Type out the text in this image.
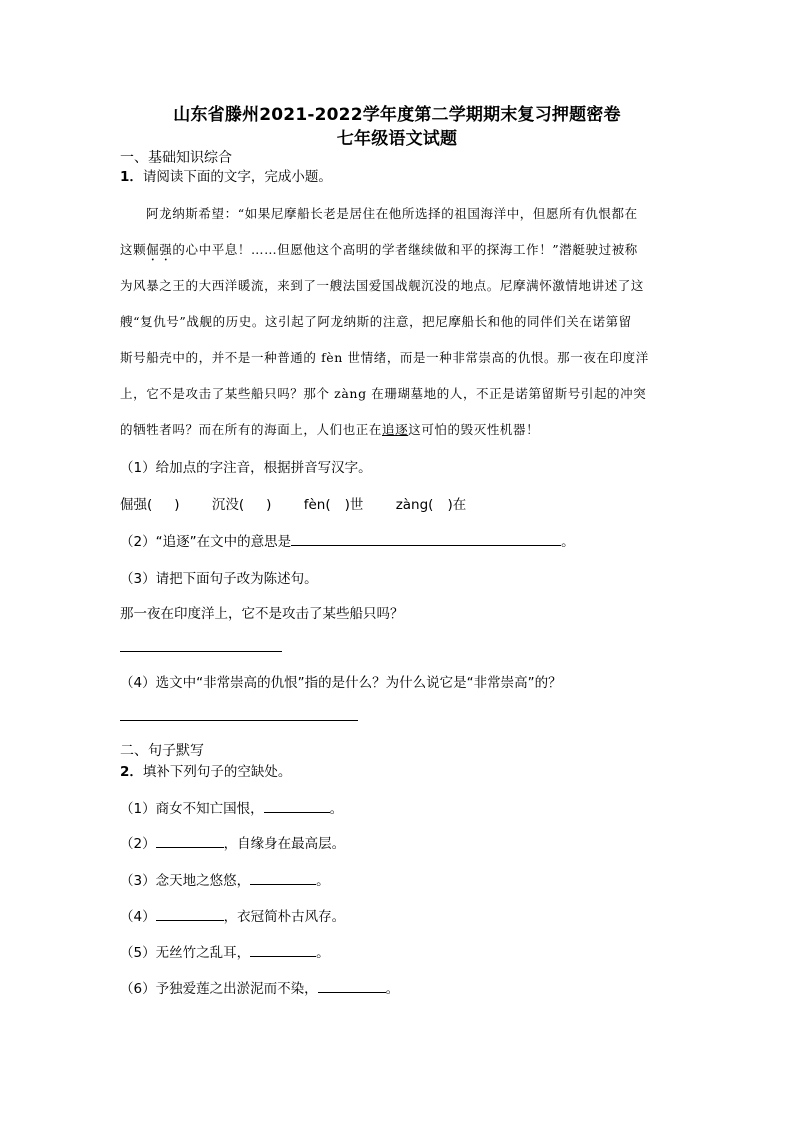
山东省滕州2021-2022学年度第二学期期末复习押题密卷
七年级语文试题
一、基础知识综合
1．请阅读下面的文字，完成小题。
阿龙纳斯希望：“如果尼摩船长老是居住在他所选择的祖国海洋中，但愿所有仇恨都在
这颗倔强的心中平息！……但愿他这个高明的学者继续做和平的探海工作！”潜艇驶过被称
为风暴之王的大西洋暖流，来到了一艘法国爱国战舰沉没的地点。尼摩满怀激情地讲述了这
艘“复仇号”战舰的历史。这引起了阿龙纳斯的注意，把尼摩船长和他的同伴们关在诺第留
斯号船壳中的，并不是一种普通的 fèn 世情绪，而是一种非常崇高的仇恨。那一夜在印度洋
上，它不是攻击了某些船只吗？那个 zàng 在珊瑚墓地的人，不正是诺第留斯号引起的冲突
的牺牲者吗？而在所有的海面上，人们也正在追逐这可怕的毁灭性机器！
（1）给加点的字注音，根据拼音写汉字。
倔强( ) 沉没( ) fèn( )世 zàng( )在
（2）“追逐”在文中的意思是	。
（3）请把下面句子改为陈述句。
那一夜在印度洋上，它不是攻击了某些船只吗？
（4）选文中“非常崇高的仇恨”指的是什么？为什么说它是“非常崇高”的？
二、句子默写
2．填补下列句子的空缺处。
（1）商女不知亡国恨，	。
（2）	，自缘身在最高层。
（3）念天地之悠悠，	。
（4）	，衣冠简朴古风存。
（5）无丝竹之乱耳，	。
（6）予独爱莲之出淤泥而不染，	。
